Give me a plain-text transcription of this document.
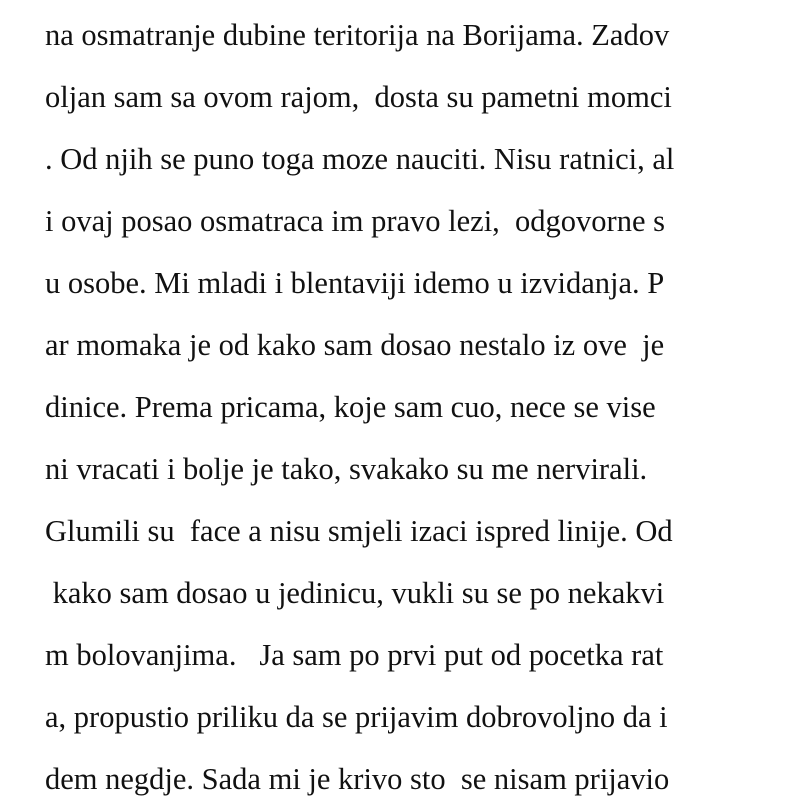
na osmatranje dubine teritorija na Borijama. Zadov
oljan sam sa ovom rajom,  dosta su pametni momci
. Od njih se puno toga moze nauciti. Nisu ratnici, al
i ovaj posao osmatraca im pravo lezi,  odgovorne s
u osobe. Mi mladi i blentaviji idemo u izvidanja. P
ar momaka je od kako sam dosao nestalo iz ove  je
dinice. Prema pricama, koje sam cuo, nece se vise
ni vracati i bolje je tako, svakako su me nervirali.
Glumili su  face a nisu smjeli izaci ispred linije. Od
kako sam dosao u jedinicu, vukli su se po nekakvi
m bolovanjima.   Ja sam po prvi put od pocetka rat
a, propustio priliku da se prijavim dobrovoljno da i
dem negdje. Sada mi je krivo sto  se nisam prijavio
